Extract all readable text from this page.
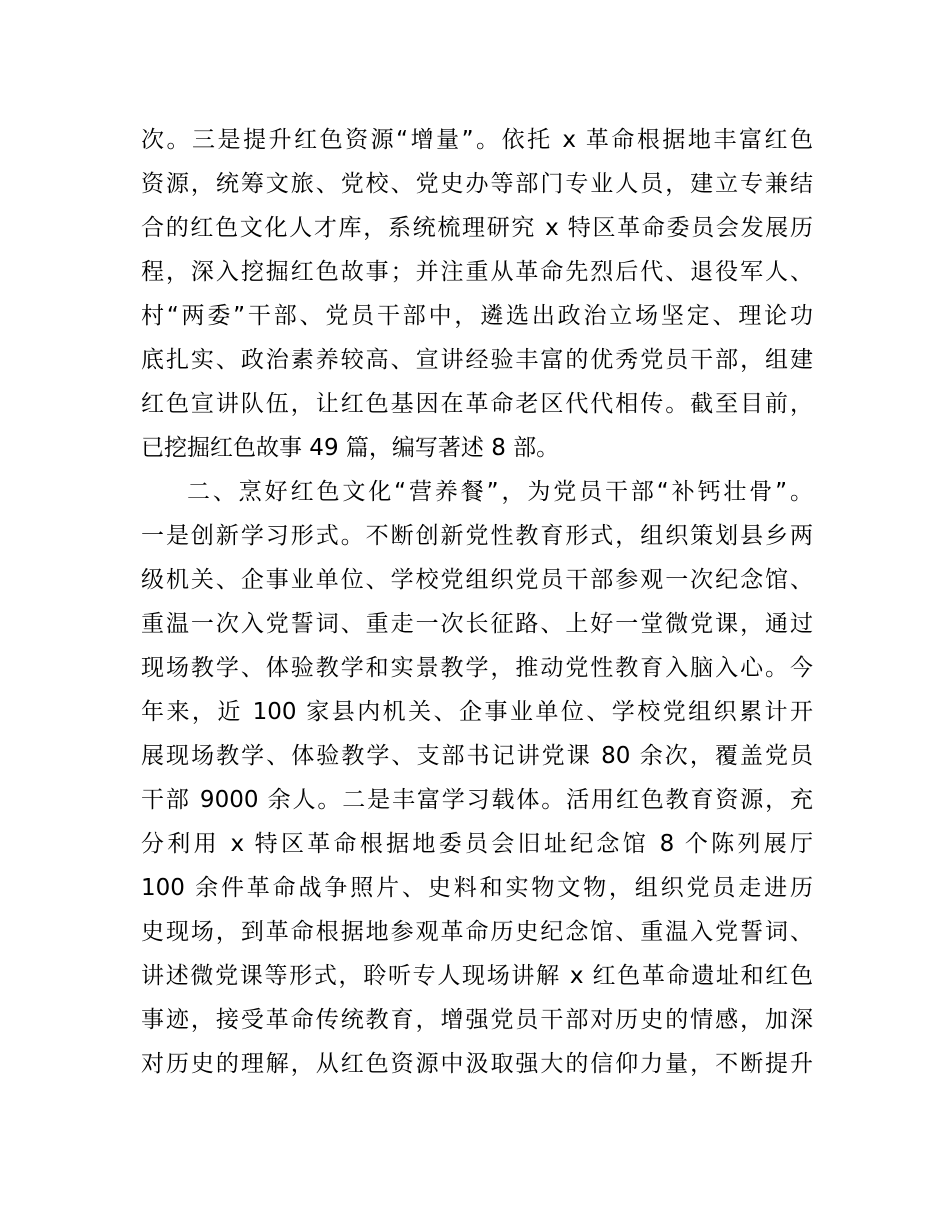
次。三是提升红色资源“增量”。依托 x 革命根据地丰富红色
资源，统筹文旅、党校、党史办等部门专业人员，建立专兼结
合的红色文化人才库，系统梳理研究 x 特区革命委员会发展历
程，深入挖掘红色故事；并注重从革命先烈后代、退役军人、
村“两委”干部、党员干部中，遴选出政治立场坚定、理论功
底扎实、政治素养较高、宣讲经验丰富的优秀党员干部，组建
红色宣讲队伍，让红色基因在革命老区代代相传。截至目前，
已挖掘红色故事 49 篇，编写著述 8 部。
二、烹好红色文化“营养餐”，为党员干部“补钙壮骨”。
一是创新学习形式。不断创新党性教育形式，组织策划县乡两
级机关、企事业单位、学校党组织党员干部参观一次纪念馆、
重温一次入党誓词、重走一次长征路、上好一堂微党课，通过
现场教学、体验教学和实景教学，推动党性教育入脑入心。今
年来，近 100 家县内机关、企事业单位、学校党组织累计开
展现场教学、体验教学、支部书记讲党课 80 余次，覆盖党员
干部 9000 余人。二是丰富学习载体。活用红色教育资源，充
分利用 x 特区革命根据地委员会旧址纪念馆 8 个陈列展厅
100 余件革命战争照片、史料和实物文物，组织党员走进历
史现场，到革命根据地参观革命历史纪念馆、重温入党誓词、
讲述微党课等形式，聆听专人现场讲解 x 红色革命遗址和红色
事迹，接受革命传统教育，增强党员干部对历史的情感，加深
对历史的理解，从红色资源中汲取强大的信仰力量，不断提升
